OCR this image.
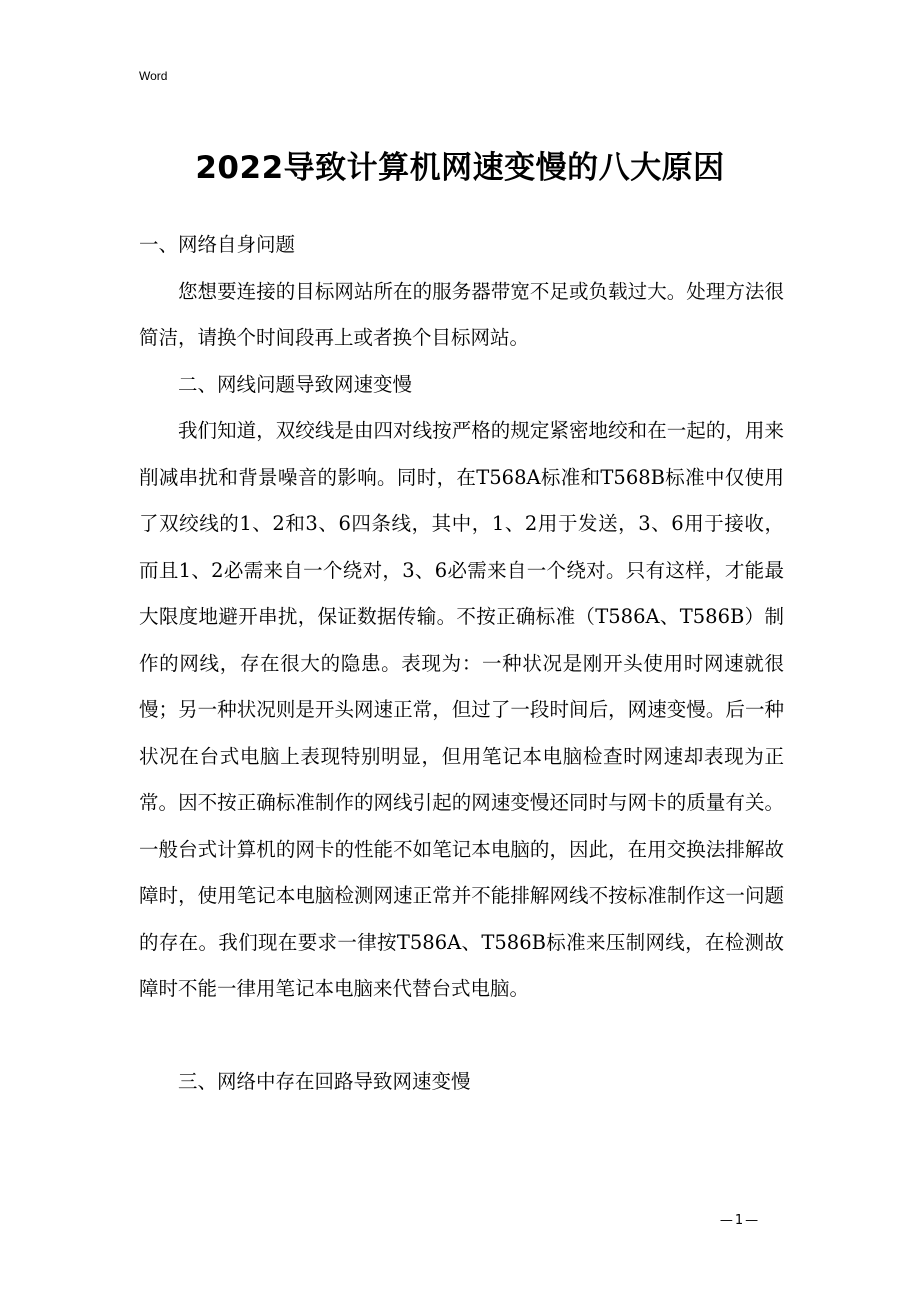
Word
2022导致计算机网速变慢的八大原因

一、网络自身问题

您想要连接的目标网站所在的服务器带宽不足或负载过大。处理方法很简洁，请换个时间段再上或者换个目标网站。

二、网线问题导致网速变慢

我们知道，双绞线是由四对线按严格的规定紧密地绞和在一起的，用来削减串扰和背景噪音的影响。同时，在T568A标准和T568B标准中仅使用了双绞线的1、2和3、6四条线，其中，1、2用于发送，3、6用于接收，而且1、2必需来自一个绕对，3、6必需来自一个绕对。只有这样，才能最大限度地避开串扰，保证数据传输。不按正确标准（T586A、T586B）制作的网线，存在很大的隐患。表现为：一种状况是刚开头使用时网速就很慢；另一种状况则是开头网速正常，但过了一段时间后，网速变慢。后一种状况在台式电脑上表现特别明显，但用笔记本电脑检查时网速却表现为正常。因不按正确标准制作的网线引起的网速变慢还同时与网卡的质量有关。一般台式计算机的网卡的性能不如笔记本电脑的，因此，在用交换法排解故障时，使用笔记本电脑检测网速正常并不能排解网线不按标准制作这一问题的存在。我们现在要求一律按T586A、T586B标准来压制网线，在检测故障时不能一律用笔记本电脑来代替台式电脑。

三、网络中存在回路导致网速变慢

—1—
